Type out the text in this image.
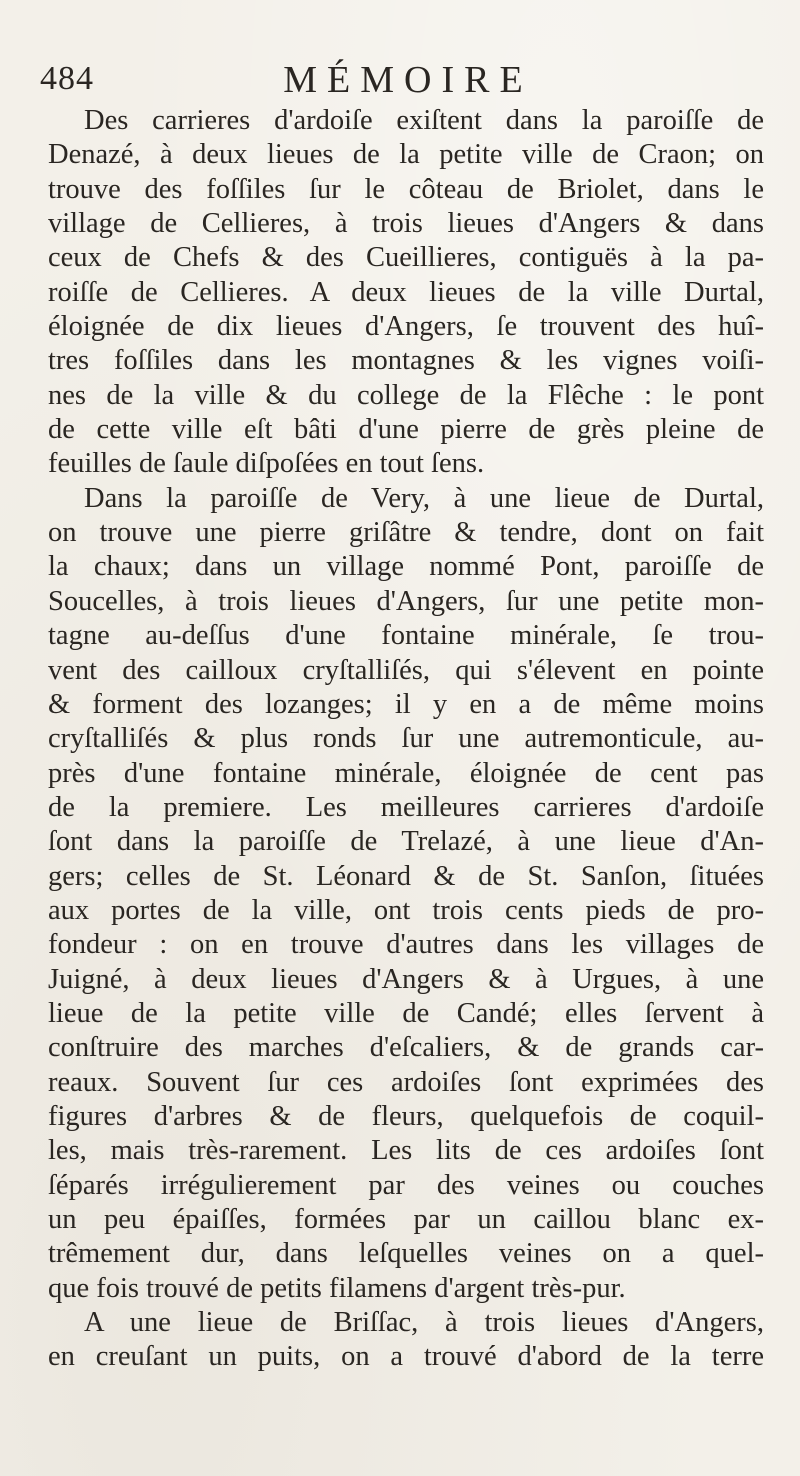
484	MÉMOIRE
Des carrieres d'ardoiſe exiſtent dans la paroiſſe de
Denazé, à deux lieues de la petite ville de Craon; on
trouve des foſſiles ſur le côteau de Briolet, dans le
village de Cellieres, à trois lieues d'Angers & dans
ceux de Chefs & des Cueillieres, contiguës à la pa-
roiſſe de Cellieres. A deux lieues de la ville Durtal,
éloignée de dix lieues d'Angers, ſe trouvent des huî-
tres foſſiles dans les montagnes & les vignes voiſi-
nes de la ville & du college de la Flêche : le pont
de cette ville eſt bâti d'une pierre de grès pleine de
feuilles de ſaule diſpoſées en tout ſens.
Dans la paroiſſe de Very, à une lieue de Durtal,
on trouve une pierre griſâtre & tendre, dont on fait
la chaux; dans un village nommé Pont, paroiſſe de
Soucelles, à trois lieues d'Angers, ſur une petite mon-
tagne au-deſſus d'une fontaine minérale, ſe trou-
vent des cailloux cryſtalliſés, qui s'élevent en pointe
& forment des lozanges; il y en a de même moins
cryſtalliſés & plus ronds ſur une autremonticule, au-
près d'une fontaine minérale, éloignée de cent pas
de la premiere. Les meilleures carrieres d'ardoiſe
ſont dans la paroiſſe de Trelazé, à une lieue d'An-
gers; celles de St. Léonard & de St. Sanſon, ſituées
aux portes de la ville, ont trois cents pieds de pro-
fondeur : on en trouve d'autres dans les villages de
Juigné, à deux lieues d'Angers & à Urgues, à une
lieue de la petite ville de Candé; elles ſervent à
conſtruire des marches d'eſcaliers, & de grands car-
reaux. Souvent ſur ces ardoiſes ſont exprimées des
figures d'arbres & de fleurs, quelquefois de coquil-
les, mais très-rarement. Les lits de ces ardoiſes ſont
ſéparés irrégulierement par des veines ou couches
un peu épaiſſes, formées par un caillou blanc ex-
trêmement dur, dans leſquelles veines on a quel-
que fois trouvé de petits filamens d'argent très-pur.
A une lieue de Briſſac, à trois lieues d'Angers,
en creuſant un puits, on a trouvé d'abord de la terre
